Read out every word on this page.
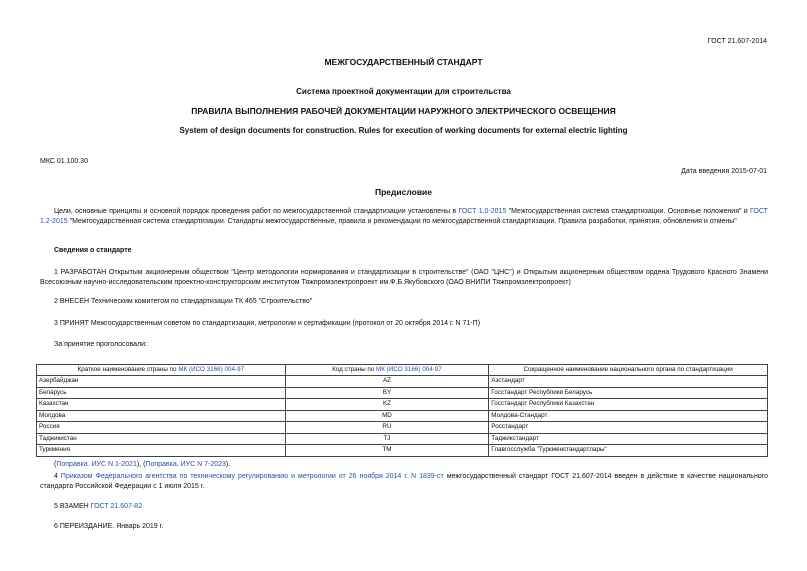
ГОСТ 21.607-2014
МЕЖГОСУДАРСТВЕННЫЙ СТАНДАРТ
Система проектной документации для строительства
ПРАВИЛА ВЫПОЛНЕНИЯ РАБОЧЕЙ ДОКУМЕНТАЦИИ НАРУЖНОГО ЭЛЕКТРИЧЕСКОГО ОСВЕЩЕНИЯ
System of design documents for construction. Rules for execution of working documents for external electric lighting
МКС 01.100.30
Дата введения 2015-07-01
Предисловие
Цели, основные принципы и основной порядок проведения работ по межгосударственной стандартизации установлены в ГОСТ 1.0-2015 "Межгосударственная система стандартизации. Основные положения" и ГОСТ 1.2-2015 "Межгосударственная система стандартизации. Стандарты межгосударственные, правила и рекомендации по межгосударственной стандартизации. Правила разработки, принятия, обновления и отмены"
Сведения о стандарте
1 РАЗРАБОТАН Открытым акционерным обществом "Центр методологии нормирования и стандартизации в строительстве" (ОАО "ЦНС") и Открытым акционерным обществом ордена Трудового Красного Знамени Всесоюзным научно-исследовательским проектно-конструкторским институтом Тяжпромэлектропроект им.Ф.Б.Якубовского (ОАО ВНИПИ Тяжпромэлектропроект)
2 ВНЕСЕН Техническим комитетом по стандартизации ТК 465 "Строительство"
3 ПРИНЯТ Межгосударственным советом по стандартизации, метрологии и сертификации (протокол от 20 октября 2014 г. N 71-П)
За принятие проголосовали:
Краткое наименование страны по МК (ИСО 3166) 004-97	Код страны по МК (ИСО 3166) 004-97	Сокращенное наименование национального органа по стандартизации
Азербайджан	AZ	Азстандарт
Беларусь	BY	Госстандарт Республики Беларусь
Казахстан	KZ	Госстандарт Республики Казахстан
Молдова	MD	Молдова-Стандарт
Россия	RU	Росстандарт
Таджикистан	TJ	Таджикстандарт
Туркмения	TM	Главгосслужба "Туркменстандартлары"
(Поправка. ИУС N 1-2021), (Поправка. ИУС N 7-2023).
4 Приказом Федерального агентства по техническому регулированию и метрологии от 26 ноября 2014 г. N 1839-ст межгосударственный стандарт ГОСТ 21.607-2014 введен в действие в качестве национального стандарта Российской Федерации с 1 июля 2015 г.
5 ВЗАМЕН ГОСТ 21.607-82
6 ПЕРЕИЗДАНИЕ. Январь 2019 г.
